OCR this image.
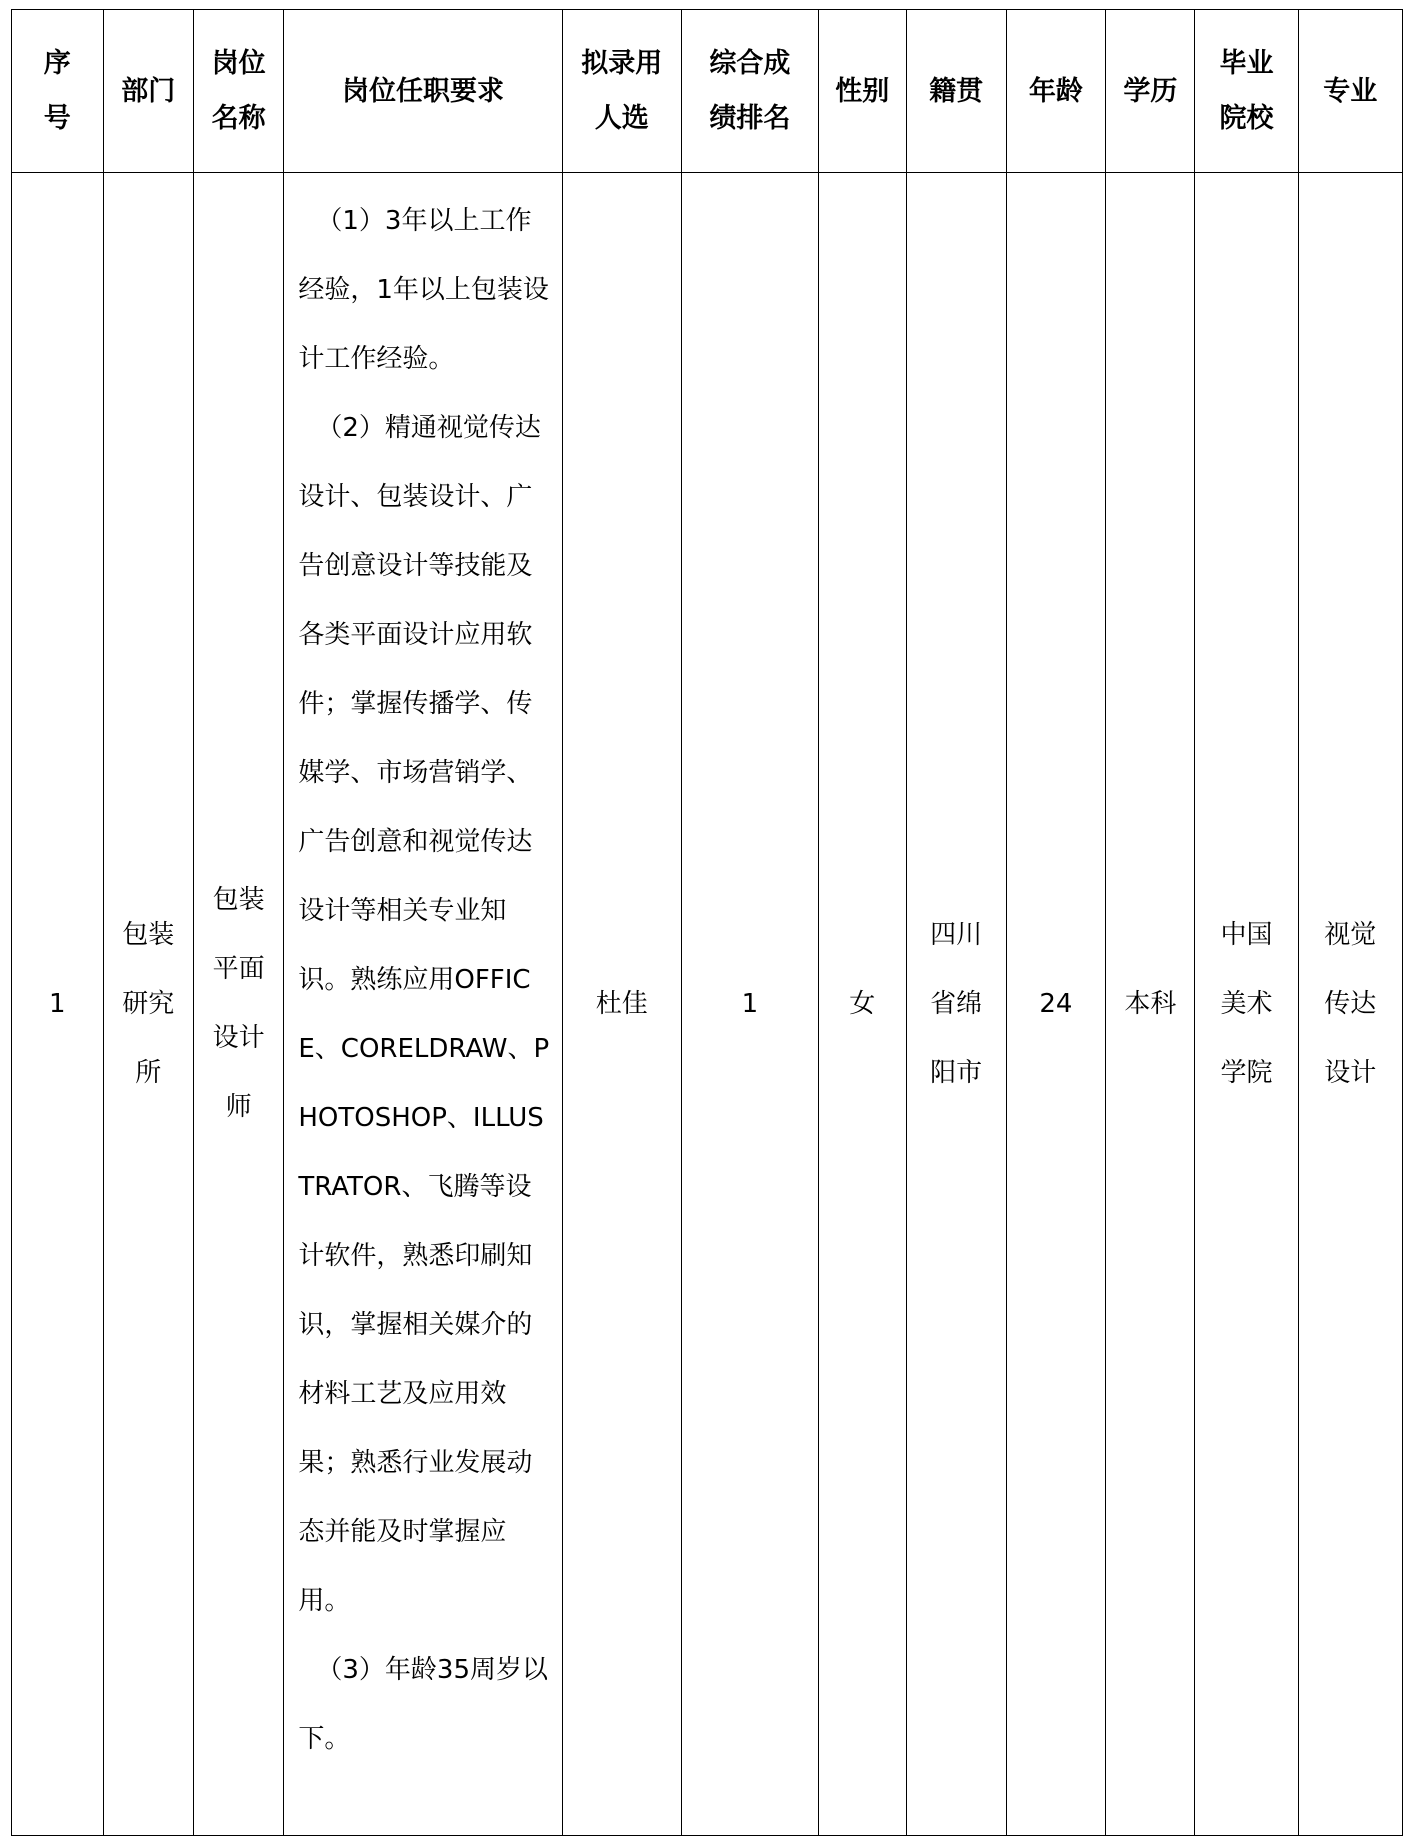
序号	部门	岗位名称	岗位任职要求	拟录用人选	综合成绩排名	性别	籍贯	年龄	学历	毕业院校	专业
1	包装研究所	包装平面设计师	（1）3年以上工作经验，1年以上包装设计工作经验。

（2）精通视觉传达设计、包装设计、广告创意设计等技能及各类平面设计应用软件；掌握传播学、传媒学、市场营销学、广告创意和视觉传达设计等相关专业知识。熟练应用OFFICE、CORELDRAW、PHOTOSHOP、ILLUSTRATOR、飞腾等设计软件，熟悉印刷知识，掌握相关媒介的材料工艺及应用效果；熟悉行业发展动态并能及时掌握应用。

（3）年龄35周岁以下。	杜佳	1	女	四川省绵阳市	24	本科	中国美术学院	视觉传达设计
